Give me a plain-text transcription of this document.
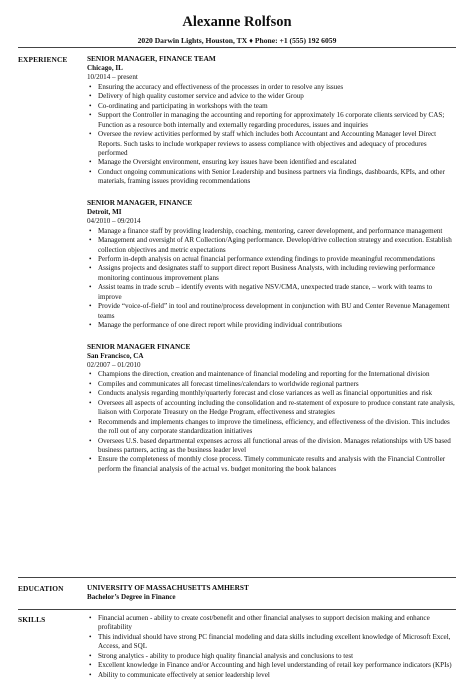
Alexanne Rolfson
2020 Darwin Lights, Houston, TX ♦ Phone: +1 (555) 192 6059
EXPERIENCE	SENIOR MANAGER, FINANCE TEAM
Chicago, IL
10/2014 – present
• Ensuring the accuracy and effectiveness of the processes in order to resolve any issues
• Delivery of high quality customer service and advice to the wider Group
• Co-ordinating and participating in workshops with the team
• Support the Controller in managing the accounting and reporting for approximately 16 corporate clients serviced by CAS; Function as a resource both internally and externally regarding procedures, issues and inquiries
• Oversee the review activities performed by staff which includes both Accountant and Accounting Manager level Direct Reports. Such tasks to include workpaper reviews to assess compliance with objectives and adequacy of procedures performed
• Manage the Oversight environment, ensuring key issues have been identified and escalated
• Conduct ongoing communications with Senior Leadership and business partners via findings, dashboards, KPIs, and other materials, framing issues providing recommendations
SENIOR MANAGER, FINANCE
Detroit, MI
04/2010 – 09/2014
• Manage a finance staff by providing leadership, coaching, mentoring, career development, and performance management
• Management and oversight of AR Collection/Aging performance. Develop/drive collection strategy and execution. Establish collection objectives and metric expectations
• Perform in-depth analysis on actual financial performance extending findings to provide meaningful recommendations
• Assigns projects and designates staff to support direct report Business Analysts, with including reviewing performance monitoring continuous improvement plans
• Assist teams in trade scrub – identify events with negative NSV/CMA, unexpected trade stance, – work with teams to improve
• Provide “voice-of-field” in tool and routine/process development in conjunction with BU and Center Revenue Management teams
• Manage the performance of one direct report while providing individual contributions
SENIOR MANAGER FINANCE
San Francisco, CA
02/2007 – 01/2010
• Champions the direction, creation and maintenance of financial modeling and reporting for the International division
• Compiles and communicates all forecast timelines/calendars to worldwide regional partners
• Conducts analysis regarding monthly/quarterly forecast and close variances as well as financial opportunities and risk
• Oversees all aspects of accounting including the consolidation and re-statement of exposure to produce constant rate analysis, liaison with Corporate Treasury on the Hedge Program, effectiveness and strategies
• Recommends and implements changes to improve the timeliness, efficiency, and effectiveness of the division. This includes the roll out of any corporate standardization initiatives
• Oversees U.S. based departmental expenses across all functional areas of the division. Manages relationships with US based business partners, acting as the business leader level
• Ensure the completeness of monthly close process. Timely communicate results and analysis with the Financial Controller perform the financial analysis of the actual vs. budget monitoring the book balances
EDUCATION	UNIVERSITY OF MASSACHUSETTS AMHERST
Bachelor’s Degree in Finance
SKILLS
•	Financial acumen - ability to create cost/benefit and other financial analyses to support decision making and enhance profitability
• This individual should have strong PC financial modeling and data skills including excellent knowledge of Microsoft Excel, Access, and SQL
• Strong analytics - ability to produce high quality financial analysis and conclusions to test
• Excellent knowledge in Finance and/or Accounting and high level understanding of retail key performance indicators (KPIs)
• Ability to communicate effectively at senior leadership level
